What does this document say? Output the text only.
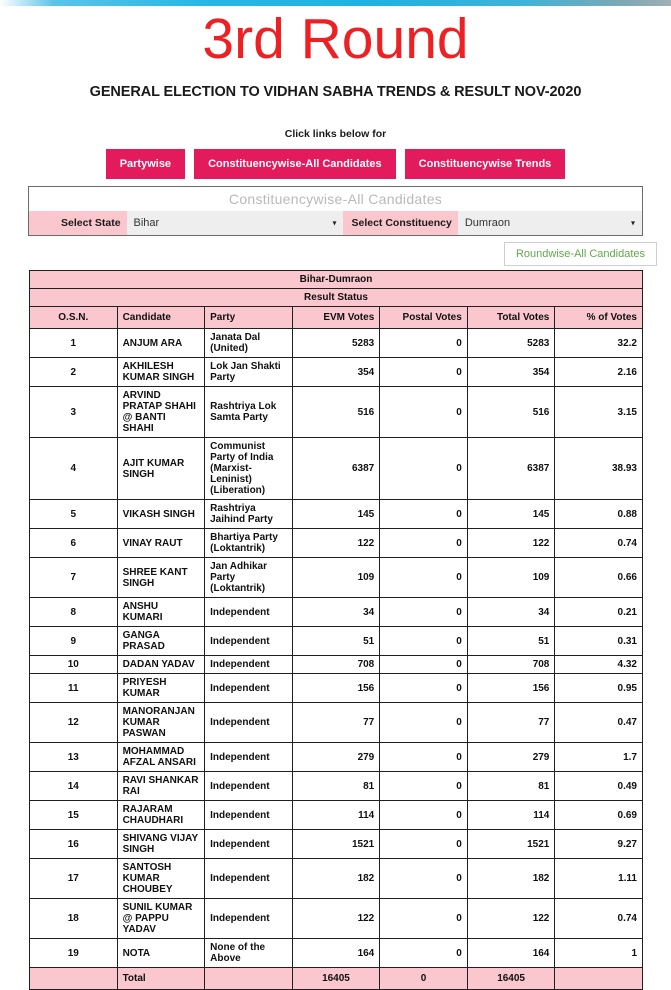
3rd Round
GENERAL ELECTION TO VIDHAN SABHA TRENDS & RESULT NOV-2020
Click links below for
Partywise	Constituencywise-All Candidates	Constituencywise Trends
Constituencywise-All Candidates
Select State	Bihar	▾	Select Constituency	Dumraon	▾
Roundwise-All Candidates
Bihar-Dumraon						
Result Status						
O.S.N.	Candidate	Party	EVM Votes	Postal Votes	Total Votes	% of Votes
1	ANJUM ARA	Janata Dal (United)	5283	0	5283	32.2
2	AKHILESH KUMAR SINGH	Lok Jan Shakti Party	354	0	354	2.16
3	ARVIND PRATAP SHAHI @ BANTI SHAHI	Rashtriya Lok Samta Party	516	0	516	3.15
4	AJIT KUMAR SINGH	Communist Party of India (Marxist-Leninist) (Liberation)	6387	0	6387	38.93
5	VIKASH SINGH	Rashtriya Jaihind Party	145	0	145	0.88
6	VINAY RAUT	Bhartiya Party (Loktantrik)	122	0	122	0.74
7	SHREE KANT SINGH	Jan Adhikar Party (Loktantrik)	109	0	109	0.66
8	ANSHU KUMARI	Independent	34	0	34	0.21
9	GANGA PRASAD	Independent	51	0	51	0.31
10	DADAN YADAV	Independent	708	0	708	4.32
11	PRIYESH KUMAR	Independent	156	0	156	0.95
12	MANORANJAN KUMAR PASWAN	Independent	77	0	77	0.47
13	MOHAMMAD AFZAL ANSARI	Independent	279	0	279	1.7
14	RAVI SHANKAR RAI	Independent	81	0	81	0.49
15	RAJARAM CHAUDHARI	Independent	114	0	114	0.69
16	SHIVANG VIJAY SINGH	Independent	1521	0	1521	9.27
17	SANTOSH KUMAR CHOUBEY	Independent	182	0	182	1.11
18	SUNIL KUMAR @ PAPPU YADAV	Independent	122	0	122	0.74
19	NOTA	None of the Above	164	0	164	1
	Total		16405	0	16405	
